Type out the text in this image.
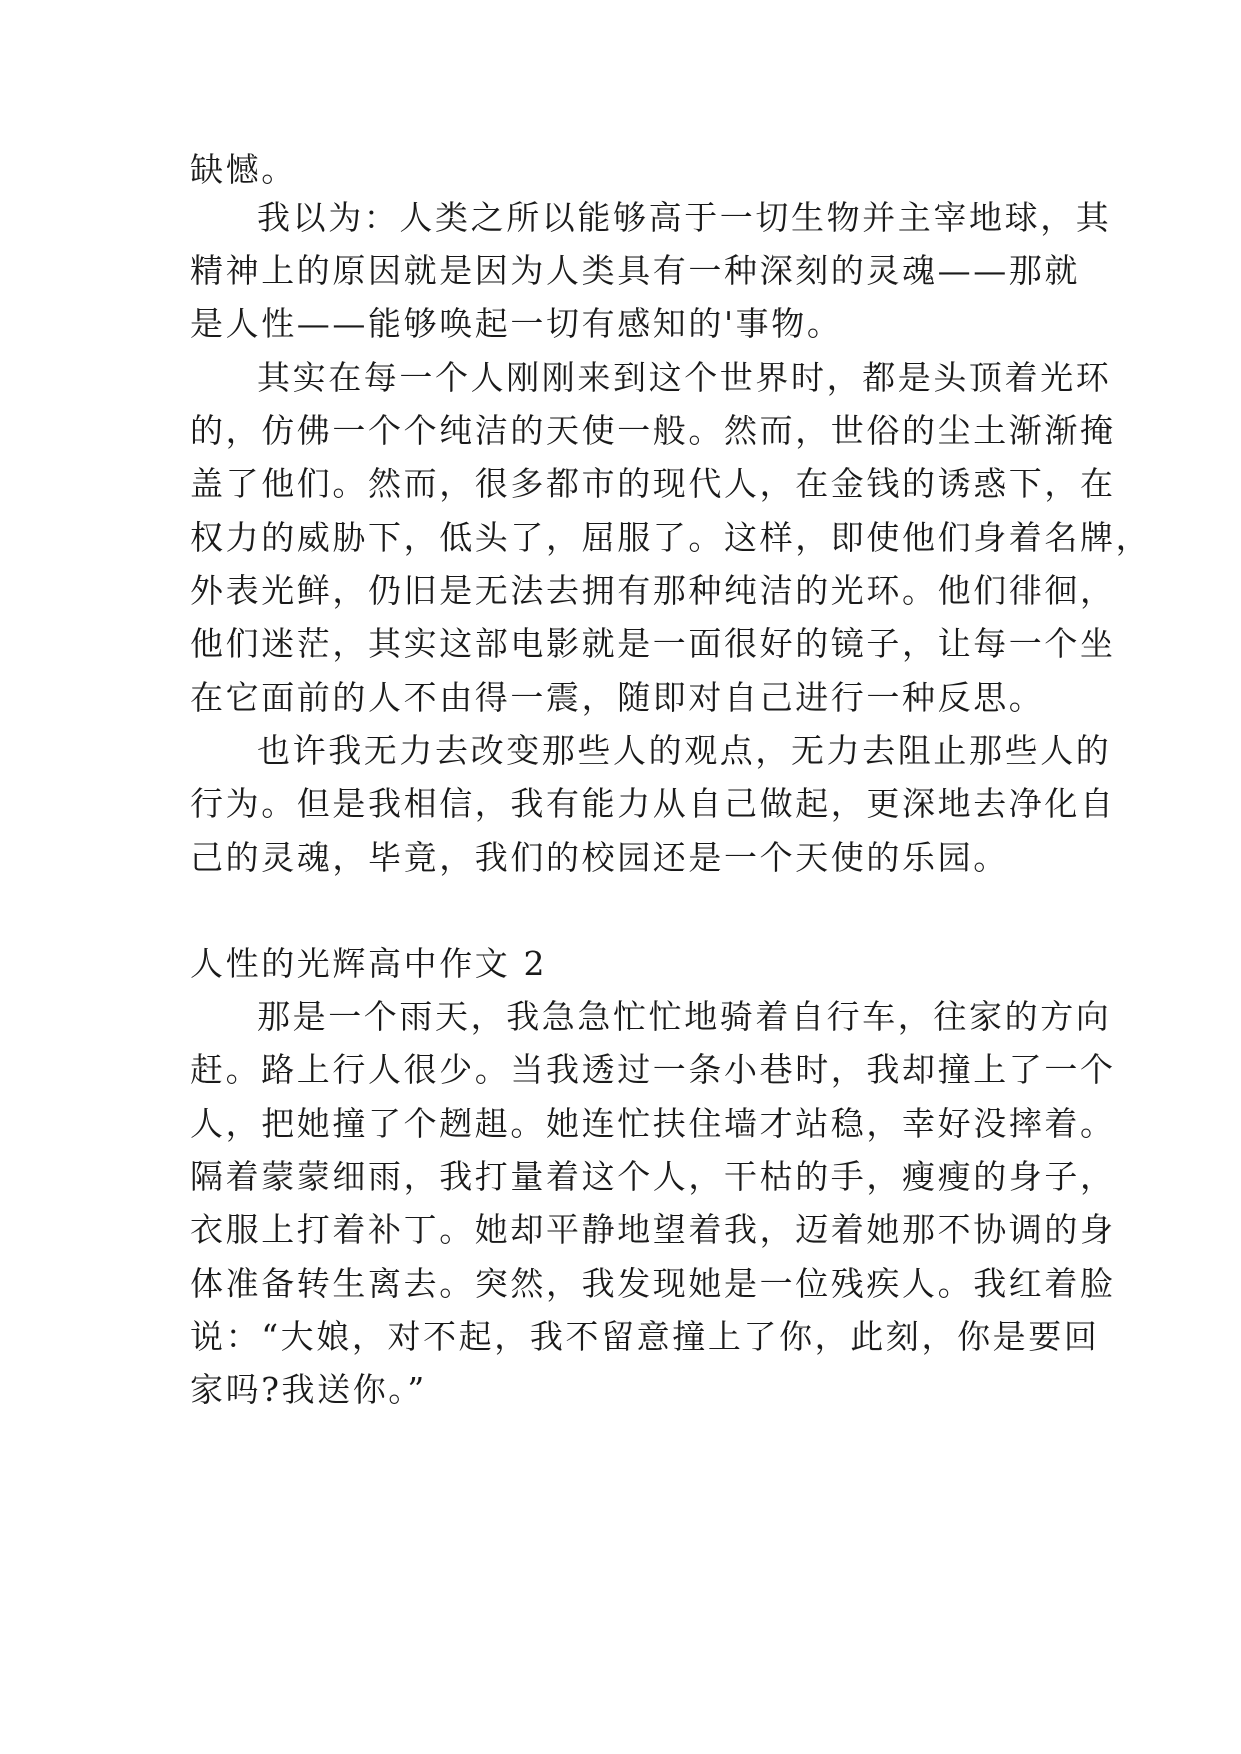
缺憾。

我以为：人类之所以能够高于一切生物并主宰地球，其

精神上的原因就是因为人类具有一种深刻的灵魂——那就

是人性——能够唤起一切有感知的'事物。

其实在每一个人刚刚来到这个世界时，都是头顶着光环

的，仿佛一个个纯洁的天使一般。然而，世俗的尘土渐渐掩

盖了他们。然而，很多都市的现代人，在金钱的诱惑下，在

权力的威胁下，低头了，屈服了。这样，即使他们身着名牌，

外表光鲜，仍旧是无法去拥有那种纯洁的光环。他们徘徊，

他们迷茫，其实这部电影就是一面很好的镜子，让每一个坐

在它面前的人不由得一震，随即对自己进行一种反思。

也许我无力去改变那些人的观点，无力去阻止那些人的

行为。但是我相信，我有能力从自己做起，更深地去净化自

己的灵魂，毕竟，我们的校园还是一个天使的乐园。

人性的光辉高中作文 2

那是一个雨天，我急急忙忙地骑着自行车，往家的方向

赶。路上行人很少。当我透过一条小巷时，我却撞上了一个

人，把她撞了个趔趄。她连忙扶住墙才站稳，幸好没摔着。

隔着蒙蒙细雨，我打量着这个人，干枯的手，瘦瘦的身子，

衣服上打着补丁。她却平静地望着我，迈着她那不协调的身

体准备转生离去。突然，我发现她是一位残疾人。我红着脸

说：“大娘，对不起，我不留意撞上了你，此刻，你是要回

家吗?我送你。”
